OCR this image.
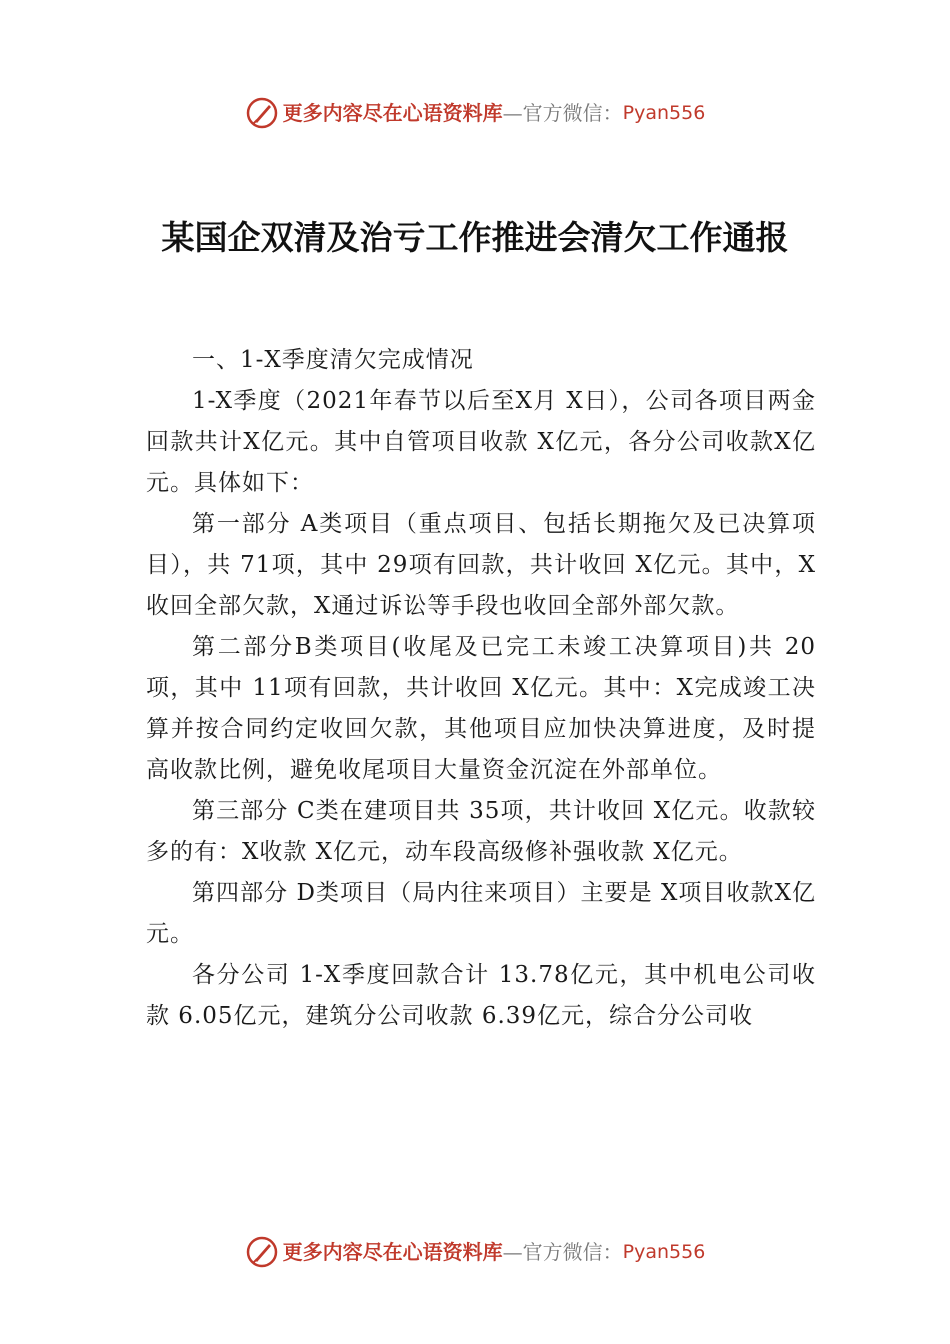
更多内容尽在心语资料库 —官方微信： Pyan556
某国企双清及治亏工作推进会清欠工作通报

一、1-X季度清欠完成情况

1-X季度（2021年春节以后至X月 X日），公司各项目两金回款共计X亿元。其中自管项目收款 X亿元，各分公司收款X亿元。具体如下：

第一部分 A类项目（重点项目、包括长期拖欠及已决算项目），共 71项，其中 29项有回款，共计收回 X亿元。其中，X收回全部欠款，X通过诉讼等手段也收回全部外部欠款。

第二部分B类项目(收尾及已完工未竣工决算项目)共 20项，其中 11项有回款，共计收回 X亿元。其中：X完成竣工决算并按合同约定收回欠款，其他项目应加快决算进度，及时提高收款比例，避免收尾项目大量资金沉淀在外部单位。

第三部分 C类在建项目共 35项，共计收回 X亿元。收款较多的有：X收款 X亿元，动车段高级修补强收款 X亿元。

第四部分 D类项目（局内往来项目）主要是 X项目收款X亿元。

各分公司 1-X季度回款合计 13.78亿元，其中机电公司收款 6.05亿元，建筑分公司收款 6.39亿元，综合分公司收

更多内容尽在心语资料库 —官方微信： Pyan556
